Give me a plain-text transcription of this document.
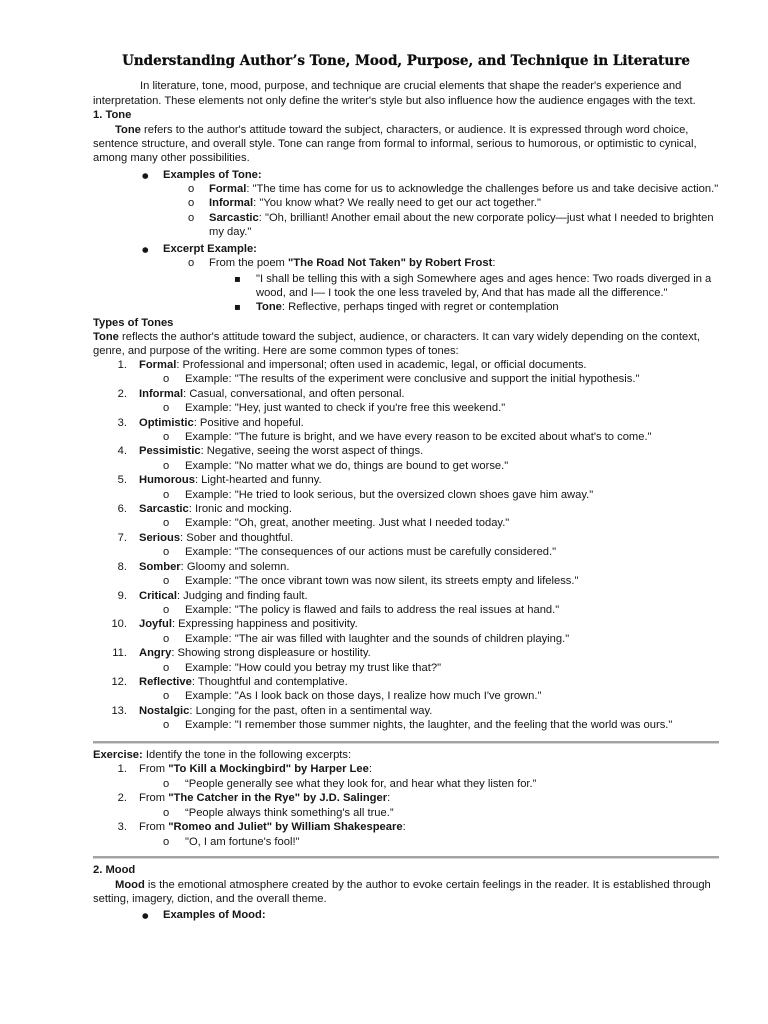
Understanding Author’s Tone, Mood, Purpose, and Technique in Literature
In literature, tone, mood, purpose, and technique are crucial elements that shape the reader's experience and
interpretation. These elements not only define the writer's style but also influence how the audience engages with the text.
1. Tone
Tone refers to the author's attitude toward the subject, characters, or audience. It is expressed through word choice,
sentence structure, and overall style. Tone can range from formal to informal, serious to humorous, or optimistic to cynical,
among many other possibilities.
● Examples of Tone:
o Formal: "The time has come for us to acknowledge the challenges before us and take decisive action."
o Informal: "You know what? We really need to get our act together."
o Sarcastic: "Oh, brilliant! Another email about the new corporate policy—just what I needed to brighten
my day."
● Excerpt Example:
o From the poem "The Road Not Taken" by Robert Frost:
▪ "I shall be telling this with a sigh Somewhere ages and ages hence: Two roads diverged in a
wood, and I— I took the one less traveled by, And that has made all the difference."
▪ Tone: Reflective, perhaps tinged with regret or contemplation
Types of Tones
Tone reflects the author's attitude toward the subject, audience, or characters. It can vary widely depending on the context,
genre, and purpose of the writing. Here are some common types of tones:
1. Formal: Professional and impersonal; often used in academic, legal, or official documents.
o Example: "The results of the experiment were conclusive and support the initial hypothesis."
2. Informal: Casual, conversational, and often personal.
o Example: "Hey, just wanted to check if you're free this weekend."
3. Optimistic: Positive and hopeful.
o Example: "The future is bright, and we have every reason to be excited about what's to come."
4. Pessimistic: Negative, seeing the worst aspect of things.
o Example: "No matter what we do, things are bound to get worse."
5. Humorous: Light-hearted and funny.
o Example: "He tried to look serious, but the oversized clown shoes gave him away."
6. Sarcastic: Ironic and mocking.
o Example: "Oh, great, another meeting. Just what I needed today."
7. Serious: Sober and thoughtful.
o Example: "The consequences of our actions must be carefully considered."
8. Somber: Gloomy and solemn.
o Example: "The once vibrant town was now silent, its streets empty and lifeless."
9. Critical: Judging and finding fault.
o Example: "The policy is flawed and fails to address the real issues at hand."
10. Joyful: Expressing happiness and positivity.
o Example: "The air was filled with laughter and the sounds of children playing."
11. Angry: Showing strong displeasure or hostility.
o Example: "How could you betray my trust like that?"
12. Reflective: Thoughtful and contemplative.
o Example: "As I look back on those days, I realize how much I've grown."
13. Nostalgic: Longing for the past, often in a sentimental way.
o Example: "I remember those summer nights, the laughter, and the feeling that the world was ours."
Exercise: Identify the tone in the following excerpts:
1. From "To Kill a Mockingbird" by Harper Lee:
o “People generally see what they look for, and hear what they listen for.”
2. From "The Catcher in the Rye" by J.D. Salinger:
o “People always think something's all true.”
3. From "Romeo and Juliet" by William Shakespeare:
o "O, I am fortune's fool!"
2. Mood
Mood is the emotional atmosphere created by the author to evoke certain feelings in the reader. It is established through
setting, imagery, diction, and the overall theme.
● Examples of Mood:
